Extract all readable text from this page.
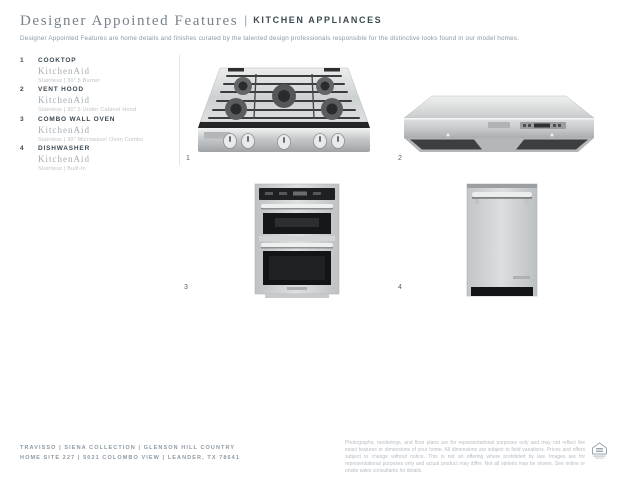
Designer Appointed Features | KITCHEN APPLIANCES

Designer Appointed Features are home details and finishes curated by the talented design professionals responsible for the distinctive looks found in our model homes.

1 COOKTOP
KitchenAid
Stainless | 30" 5 Burner
2 VENT HOOD
KitchenAid
Stainless | 30" 5 Under Cabinet Hood
3 COMBO WALL OVEN
KitchenAid
Stainless | 30" Microwave/ Oven Combo
4 DISHWASHER
KitchenAid
Stainless | Built-In
1	2
3	4
TRAVISSO | SIENA COLLECTION | GLENSON HILL COUNTRY
HOME SITE 227 | 5021 COLOMBO VIEW | LEANDER, TX 78641
Photographs, renderings, and floor plans are for representational purposes only and may not reflect the exact features or dimensions of your home. All dimensions are subject to field variations. Prices and offers subject to change without notice. This is not an offering where prohibited by law. Images are for representational purposes only and actual product may differ. Not all options may be shown. See online or onsite sales consultants for details.
